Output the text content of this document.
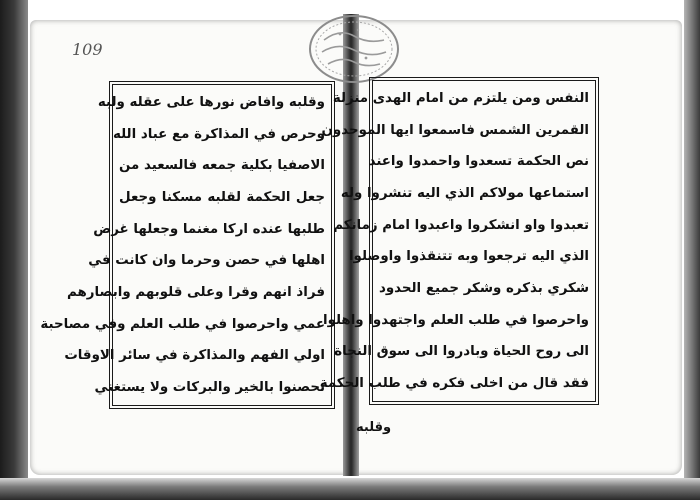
109
وقلبه وافاض نورها على عقله ولبه
وحرص في المذاكرة مع عباد الله
الاصفيا بكلية جمعه فالسعيد من
جعل الحكمة لقلبه مسكنا وجعل
طلبها عنده اركا مغنما وجعلها غرض
اهلها في حصن وحرما وان كانت في
فراذ انهم وقرا وعلى قلوبهم وابصارهم
عمي واحرصوا في طلب العلم وفي مصاحبة
اولي الفهم والمذاكرة في سائر الاوقات
تحصنوا بالخير والبركات ولا يستغني
النفس ومن يلتزم من امام الهدى منزلة
القمرين الشمس فاسمعوا ايها الموحدون
نص الحكمة تسعدوا واحمدوا واعند
استماعها مولاكم الذي اليه تنشروا وله
تعبدوا واو انشكروا واعبدوا امام زمانكم
الذي اليه ترجعوا وبه تتنقذوا واوصلوا
شكري بذكره وشكر جميع الحدود
واحرصوا في طلب العلم واجتهدوا واهلوا
الى روح الحياة وبادروا الى سوق النجاة
فقد قال من اخلى فكره في طلب الحكمة
وقلبه
